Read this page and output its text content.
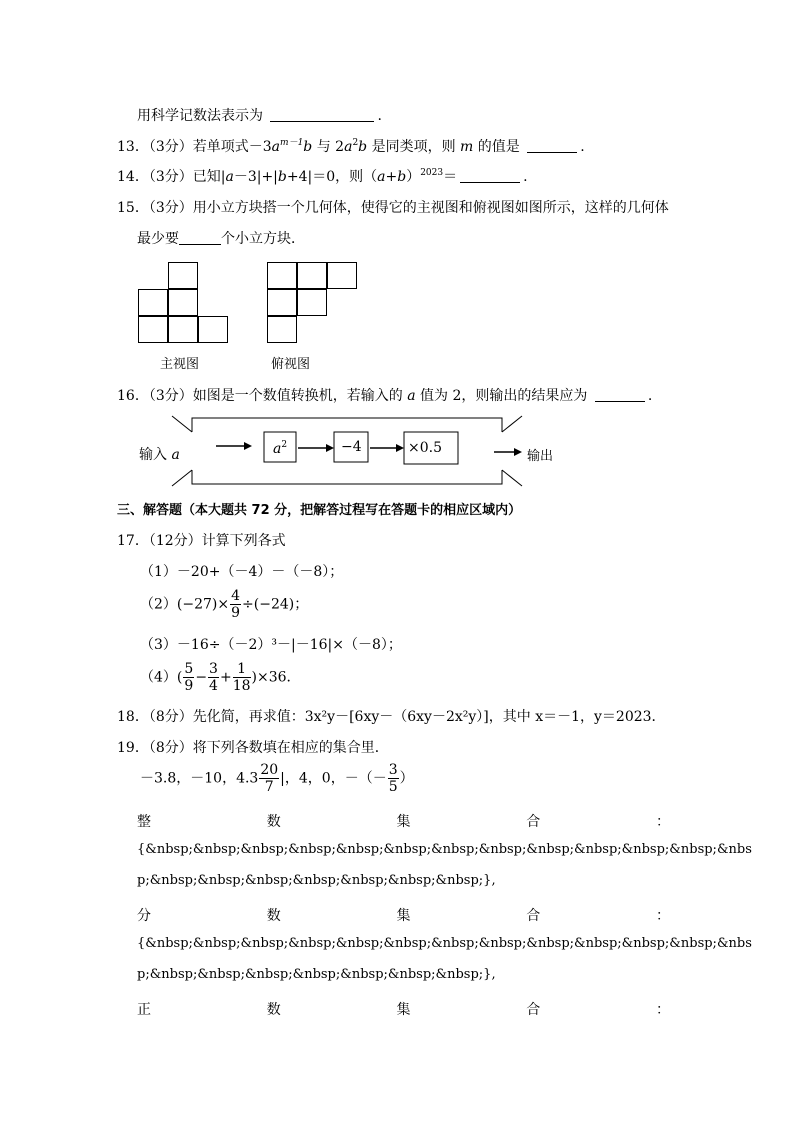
用科学记数法表示为	.
13．（3分）若单项式$-3a^{m-1}b$ 与 $2a^2b$ 是同类项，则 m 的值是	.
14．（3分）已知|a－3|+|b+4|＝0，则$(a+b)^{2023}=$	.
15．（3分）用小立方块搭一个几何体，使得它的主视图和俯视图如图所示，这样的几何体
最少要	个小立方块．
主视图	俯视图
16．（3分）如图是一个数值转换机，若输入的 a 值为 2，则输出的结果应为	.
输入 a	$a^2$	−4	×0.5
输出
三、解答题（本大题共 72 分，把解答过程写在答题卡的相应区域内）
17．（12分）计算下列各式
（1）－20+（－4）－（－8）；
$(2)(-27)\times \frac{4}{9} \div(-24)$；
（3）－16÷（－2）³－|－16|×（－8）；
$(4)( \frac{5}{9} - \frac{3}{4} + \frac{1}{18} )\times 36$．
18．（8分）先化简，再求值：3x²y－[6xy－（6xy－2x²y）]，其中 x＝－1，y＝2023．
19．（8分）将下列各数填在相应的集合里．
－3.8，－10，$4.3 \frac{20}{7}$ |，4，0，－（－ $\frac{3}{5}$ ）
整	数	集	合	：
{&nbsp;&nbsp;&nbsp;&nbsp;&nbsp;&nbsp;&nbsp;&nbsp;&nbsp;&nbsp;&nbsp;&nbsp;&nbs
p;&nbsp;&nbsp;&nbsp;&nbsp;&nbsp;&nbsp;&nbsp;},
分	数	集	合	：
{&nbsp;&nbsp;&nbsp;&nbsp;&nbsp;&nbsp;&nbsp;&nbsp;&nbsp;&nbsp;&nbsp;&nbsp;&nbs
p;&nbsp;&nbsp;&nbsp;&nbsp;&nbsp;&nbsp;&nbsp;},
正	数	集	合	：
